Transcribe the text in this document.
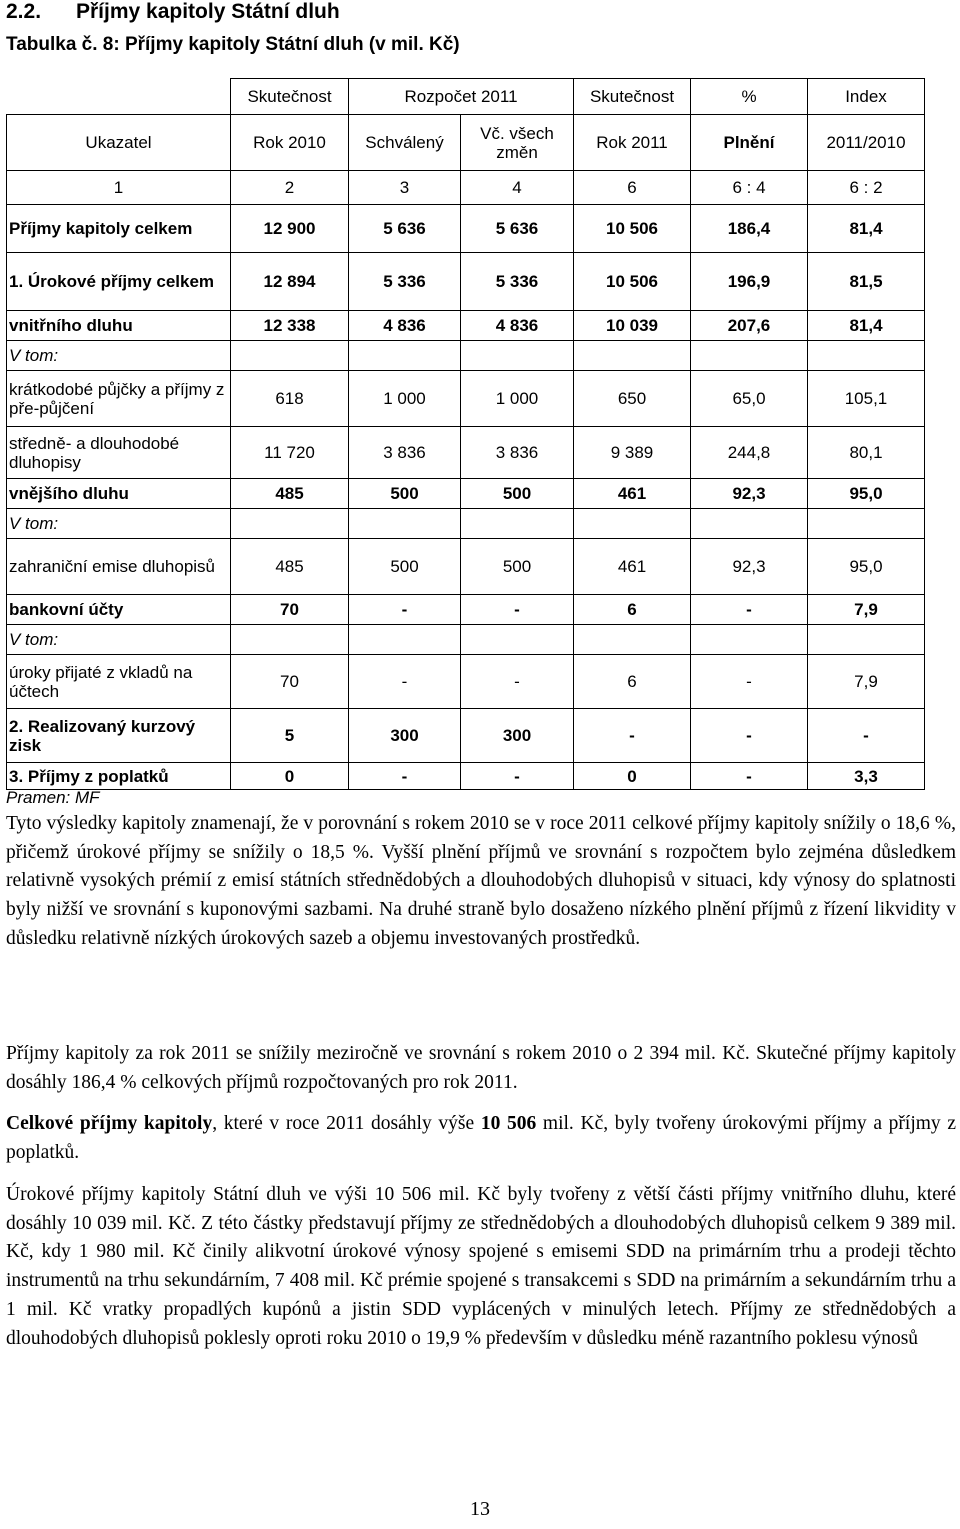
2.2. Příjmy kapitoly Státní dluh
Tabulka č. 8: Příjmy kapitoly Státní dluh (v mil. Kč)
	Skutečnost	Rozpočet 2011		Skutečnost	%	Index
Ukazatel	Rok 2010	Schválený	Vč. všech změn	Rok 2011	Plnění	2011/2010
1	2	3	4	6	6 : 4	6 : 2
Příjmy kapitoly celkem	12 900	5 636	5 636	10 506	186,4	81,4
1. Úrokové příjmy celkem	12 894	5 336	5 336	10 506	196,9	81,5
vnitřního dluhu	12 338	4 836	4 836	10 039	207,6	81,4
V tom:						
krátkodobé půjčky a příjmy z pře-půjčení	618	1 000	1 000	650	65,0	105,1
středně- a dlouhodobé dluhopisy	11 720	3 836	3 836	9 389	244,8	80,1
vnějšího dluhu	485	500	500	461	92,3	95,0
V tom:						
zahraniční emise dluhopisů	485	500	500	461	92,3	95,0
bankovní účty	70	-	-	6	-	7,9
V tom:						
úroky přijaté z vkladů na účtech	70	-	-	6	-	7,9
2. Realizovaný kurzový zisk	5	300	300	-	-	-
3. Příjmy z poplatků	0	-	-	0	-	3,3
Pramen: MF

Tyto výsledky kapitoly znamenají, že v porovnání s rokem 2010 se v roce 2011 celkové příjmy kapitoly snížily o 18,6 %, přičemž úrokové příjmy se snížily o 18,5 %. Vyšší plnění příjmů ve srovnání s rozpočtem bylo zejména důsledkem relativně vysokých prémií z emisí státních střednědobých a dlouhodobých dluhopisů v situaci, kdy výnosy do splatnosti byly nižší ve srovnání s kuponovými sazbami. Na druhé straně bylo dosaženo nízkého plnění příjmů z řízení likvidity v důsledku relativně nízkých úrokových sazeb a objemu investovaných prostředků.

Příjmy kapitoly za rok 2011 se snížily meziročně ve srovnání s rokem 2010 o 2 394 mil. Kč. Skutečné příjmy kapitoly dosáhly 186,4 % celkových příjmů rozpočtovaných pro rok 2011.

Celkové příjmy kapitoly, které v roce 2011 dosáhly výše 10 506 mil. Kč, byly tvořeny úrokovými příjmy a příjmy z poplatků.

Úrokové příjmy kapitoly Státní dluh ve výši 10 506 mil. Kč byly tvořeny z větší části příjmy vnitřního dluhu, které dosáhly 10 039 mil. Kč. Z této částky představují příjmy ze střednědobých a dlouhodobých dluhopisů celkem 9 389 mil. Kč, kdy 1 980 mil. Kč činily alikvotní úrokové výnosy spojené s emisemi SDD na primárním trhu a prodeji těchto instrumentů na trhu sekundárním, 7 408 mil. Kč prémie spojené s transakcemi s SDD na primárním a sekundárním trhu a 1 mil. Kč vratky propadlých kupónů a jistin SDD vyplácených v minulých letech. Příjmy ze střednědobých a dlouhodobých dluhopisů poklesly oproti roku 2010 o 19,9 % především v důsledku méně razantního poklesu výnosů

13
